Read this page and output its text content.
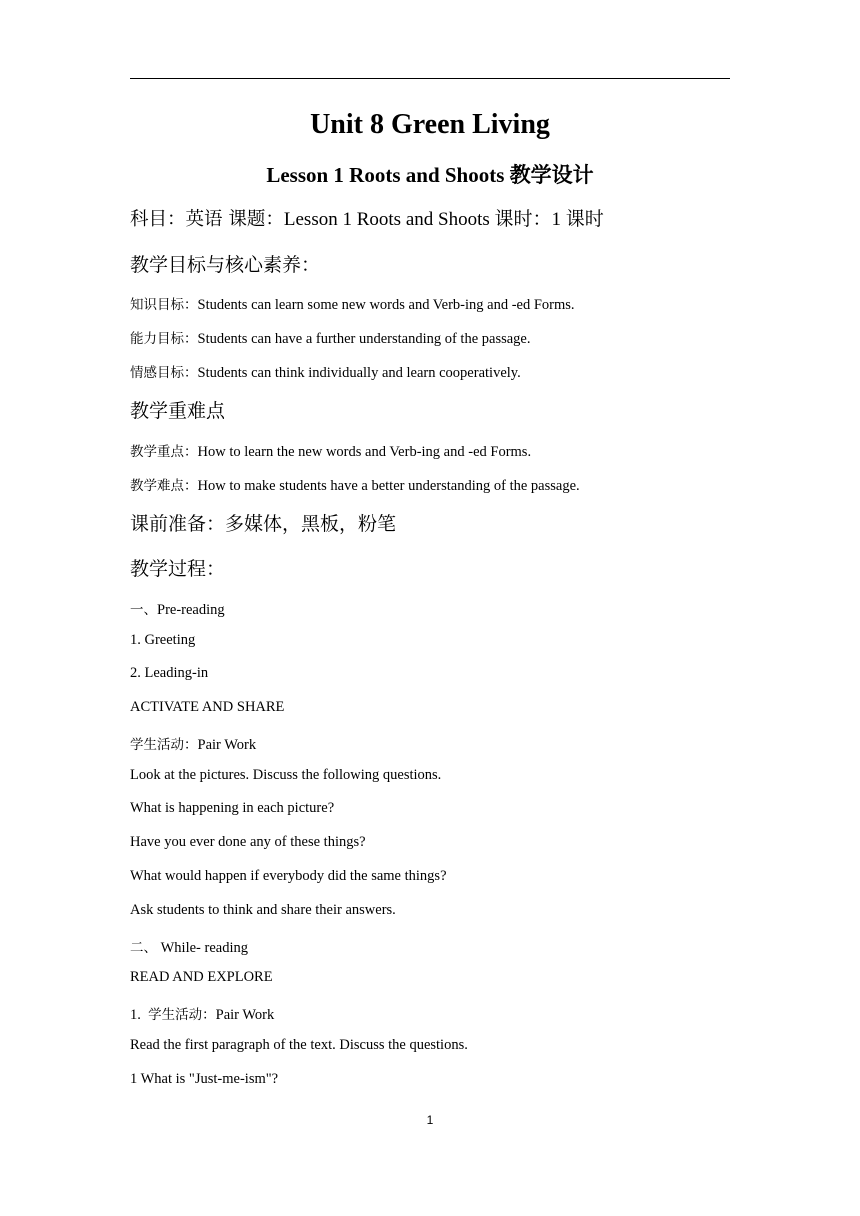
Unit 8 Green Living
Lesson 1 Roots and Shoots 教学设计
科目：英语 课题：Lesson 1 Roots and Shoots 课时：1 课时
教学目标与核心素养：
知识目标：Students can learn some new words and Verb-ing and -ed Forms.
能力目标：Students can have a further understanding of the passage.
情感目标：Students can think individually and learn cooperatively.
教学重难点
教学重点：How to learn the new words and Verb-ing and -ed Forms.
教学难点：How to make students have a better understanding of the passage.
课前准备：多媒体，黑板，粉笔
教学过程：
一、Pre-reading
1. Greeting
2. Leading-in
ACTIVATE AND SHARE
学生活动：Pair Work
Look at the pictures. Discuss the following questions.
What is happening in each picture?
Have you ever done any of these things?
What would happen if everybody did the same things?
Ask students to think and share their answers.
二、 While- reading
READ AND EXPLORE
1.  学生活动：Pair Work
Read the first paragraph of the text. Discuss the questions.
1 What is "Just-me-ism"?
1
